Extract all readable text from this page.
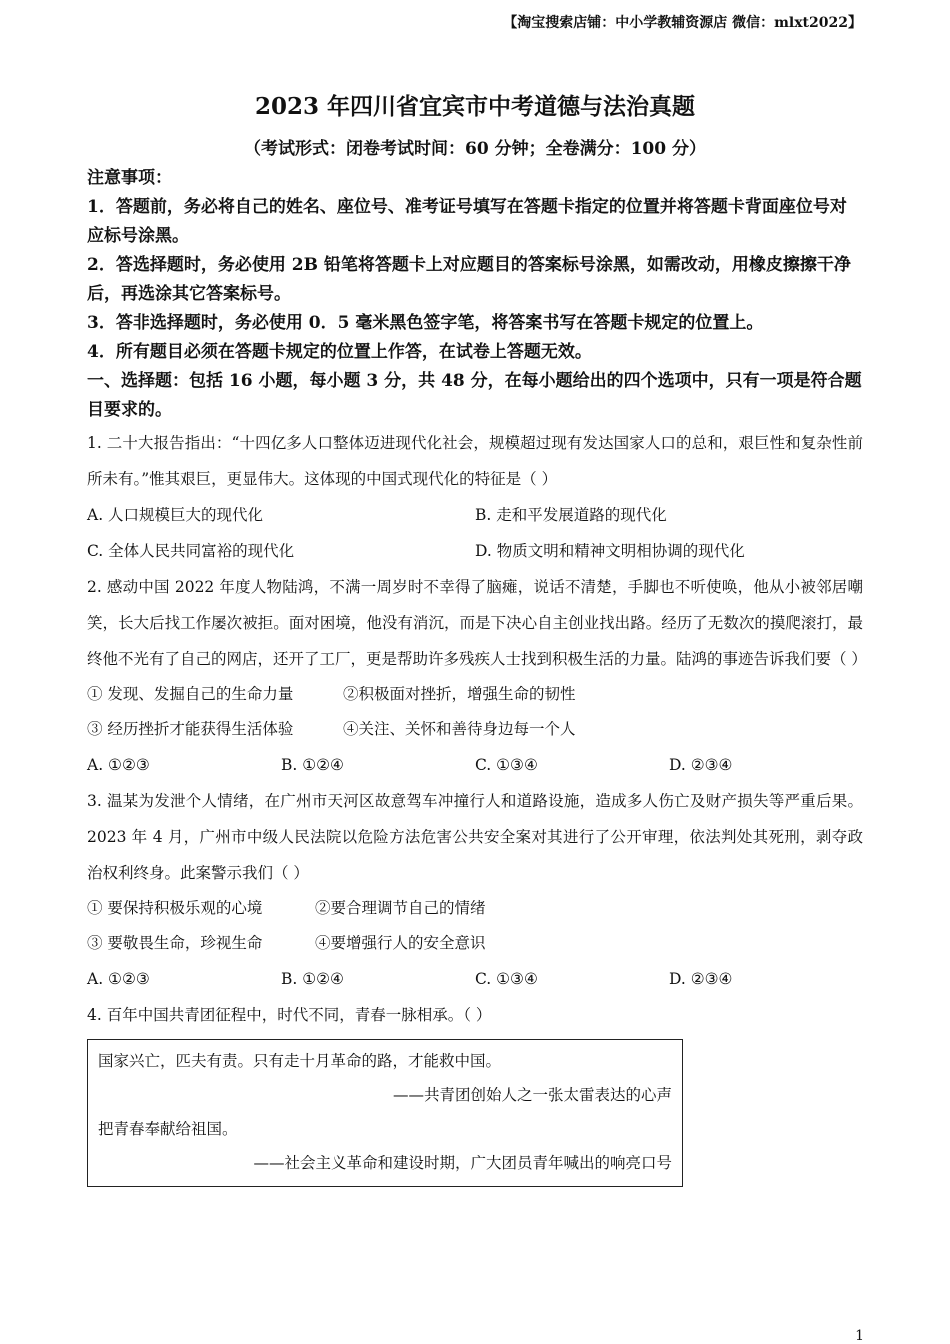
【淘宝搜索店铺：中小学教辅资源店 微信：mlxt2022】
2023 年四川省宜宾市中考道德与法治真题
（考试形式：闭卷考试时间：60 分钟；全卷满分：100 分）
注意事项：
1．答题前，务必将自己的姓名、座位号、准考证号填写在答题卡指定的位置并将答题卡背面座位号对应标号涂黑。
2．答选择题时，务必使用 2B 铅笔将答题卡上对应题目的答案标号涂黑，如需改动，用橡皮擦擦干净后，再选涂其它答案标号。
3．答非选择题时，务必使用 0．5 毫米黑色签字笔，将答案书写在答题卡规定的位置上。
4．所有题目必须在答题卡规定的位置上作答，在试卷上答题无效。
一、选择题：包括 16 小题，每小题 3 分，共 48 分，在每小题给出的四个选项中，只有一项是符合题目要求的。
1. 二十大报告指出：“十四亿多人口整体迈进现代化社会，规模超过现有发达国家人口的总和，艰巨性和复杂性前所未有。”惟其艰巨，更显伟大。这体现的中国式现代化的特征是（ ）
A. 人口规模巨大的现代化	B. 走和平发展道路的现代化
C. 全体人民共同富裕的现代化	D. 物质文明和精神文明相协调的现代化
2. 感动中国 2022 年度人物陆鸿，不满一周岁时不幸得了脑瘫，说话不清楚，手脚也不听使唤，他从小被邻居嘲笑，长大后找工作屡次被拒。面对困境，他没有消沉，而是下决心自主创业找出路。经历了无数次的摸爬滚打，最终他不光有了自己的网店，还开了工厂，更是帮助许多残疾人士找到积极生活的力量。陆鸿的事迹告诉我们要（ ）
① 发现、发掘自己的生命力量	②积极面对挫折，增强生命的韧性
③ 经历挫折才能获得生活体验	④关注、关怀和善待身边每一个人
A. ①②③	B. ①②④	C. ①③④	D. ②③④
3. 温某为发泄个人情绪，在广州市天河区故意驾车冲撞行人和道路设施，造成多人伤亡及财产损失等严重后果。2023 年 4 月，广州市中级人民法院以危险方法危害公共安全案对其进行了公开审理，依法判处其死刑，剥夺政治权利终身。此案警示我们（ ）
① 要保持积极乐观的心境	②要合理调节自己的情绪
③ 要敬畏生命，珍视生命	④要增强行人的安全意识
A. ①②③	B. ①②④	C. ①③④	D. ②③④
4. 百年中国共青团征程中，时代不同，青春一脉相承。（ ）
国家兴亡，匹夫有责。只有走十月革命的路，才能救中国。
——共青团创始人之一张太雷表达的心声
把青春奉献给祖国。
——社会主义革命和建设时期，广大团员青年喊出的响亮口号
1
